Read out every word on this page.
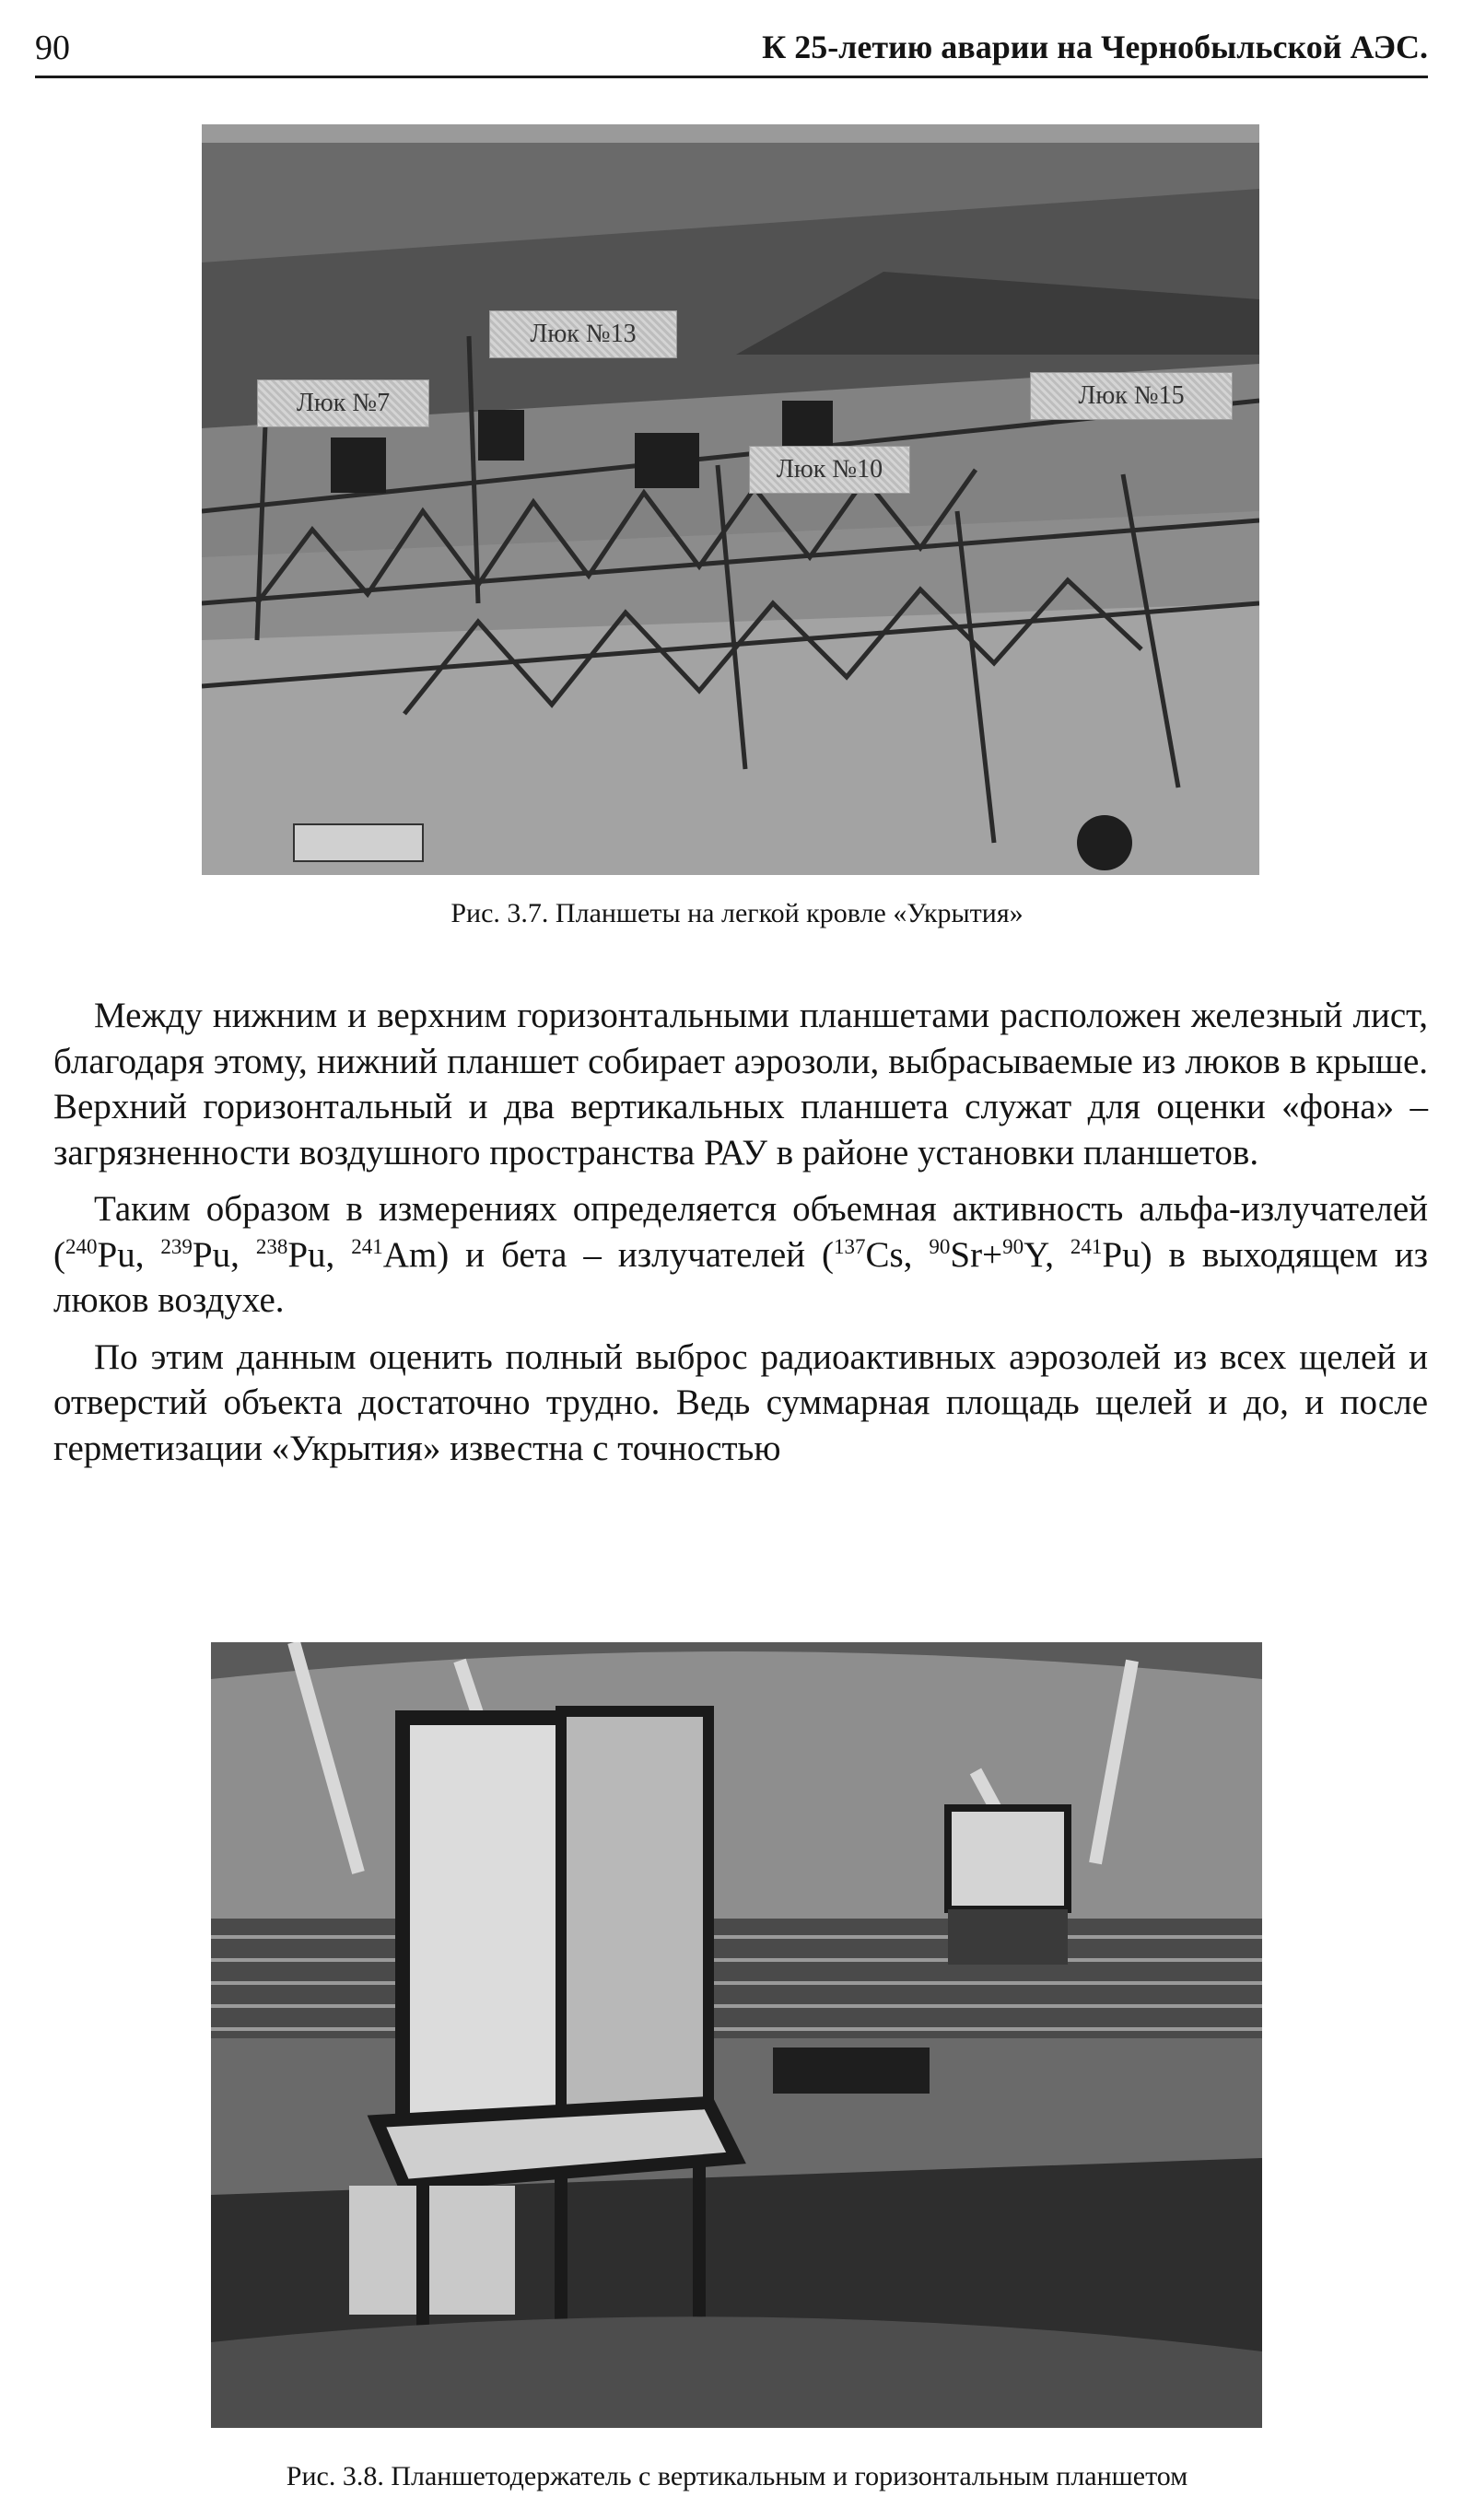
90	К 25-летию аварии на Чернобыльской АЭС.
Люк №13
Люк №7	Люк №15
Люк №10
Рис. 3.7. Планшеты на легкой кровле «Укрытия»

Между нижним и верхним горизонтальными планшетами расположен железный лист, благодаря этому, нижний планшет собирает аэрозоли, выбрасываемые из люков в крыше. Верхний горизонтальный и два вертикальных планшета служат для оценки «фона» – загрязненности воздушного пространства РАУ в районе установки планшетов.

Таким образом в измерениях определяется объемная активность альфа-излучателей ($^{240}$Pu, $^{239}$Pu, $^{238}$Pu, $^{241}$Am) и бета – излучателей ($^{137}$Cs, $^{90}$Sr+$^{90}$Y, $^{241}$Pu) в выходящем из люков воздухе.

По этим данным оценить полный выброс радиоактивных аэрозолей из всех щелей и отверстий объекта достаточно трудно. Ведь суммарная площадь щелей и до, и после герметизации «Укрытия» известна с точностью

Рис. 3.8. Планшетодержатель с вертикальным и горизонтальным планшетом
